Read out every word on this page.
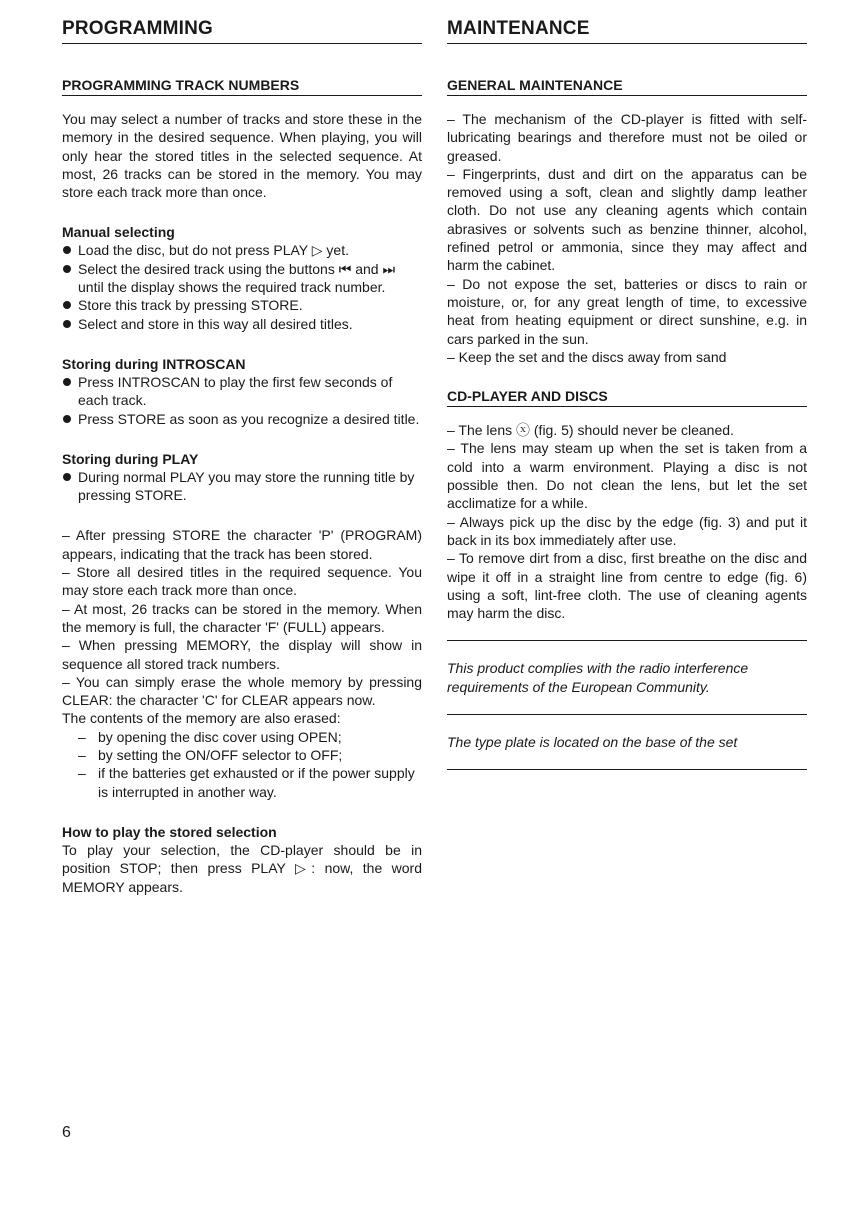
PROGRAMMING
PROGRAMMING TRACK NUMBERS

You may select a number of tracks and store these in the memory in the desired sequence. When playing, you will only hear the stored titles in the selected sequence. At most, 26 tracks can be stored in the memory. You may store each track more than once.

Manual selecting
Load the disc, but do not press PLAY ▷ yet.
Select the desired track using the buttons ⏮ and ⏭ until the display shows the required track number.
Store this track by pressing STORE.
Select and store in this way all desired titles.
Storing during INTROSCAN
Press INTROSCAN to play the first few seconds of each track.
Press STORE as soon as you recognize a desired title.
Storing during PLAY
During normal PLAY you may store the running title by pressing STORE.

– After pressing STORE the character 'P' (PROGRAM) appears, indicating that the track has been stored.

– Store all desired titles in the required sequence. You may store each track more than once.

– At most, 26 tracks can be stored in the memory. When the memory is full, the character 'F' (FULL) appears.

– When pressing MEMORY, the display will show in sequence all stored track numbers.

– You can simply erase the whole memory by pressing CLEAR: the character 'C' for CLEAR appears now.

The contents of the memory are also erased:

– by opening the disc cover using OPEN;
– by setting the ON/OFF selector to OFF;
– if the batteries get exhausted or if the power supply is interrupted in another way.
How to play the stored selection

To play your selection, the CD-player should be in position STOP; then press PLAY ▷: now, the word MEMORY appears.

MAINTENANCE
GENERAL MAINTENANCE

– The mechanism of the CD-player is fitted with self-lubricating bearings and therefore must not be oiled or greased.

– Fingerprints, dust and dirt on the apparatus can be removed using a soft, clean and slightly damp leather cloth. Do not use any cleaning agents which contain abrasives or solvents such as benzine thinner, alcohol, refined petrol or ammonia, since they may affect and harm the cabinet.

– Do not expose the set, batteries or discs to rain or moisture, or, for any great length of time, to excessive heat from heating equipment or direct sunshine, e.g. in cars parked in the sun.

– Keep the set and the discs away from sand

CD-PLAYER AND DISCS

– The lens ⓧ (fig. 5) should never be cleaned.

– The lens may steam up when the set is taken from a cold into a warm environment. Playing a disc is not possible then. Do not clean the lens, but let the set acclimatize for a while.

– Always pick up the disc by the edge (fig. 3) and put it back in its box immediately after use.

– To remove dirt from a disc, first breathe on the disc and wipe it off in a straight line from centre to edge (fig. 6) using a soft, lint-free cloth. The use of cleaning agents may harm the disc.

This product complies with the radio interference requirements of the European Community.

The type plate is located on the base of the set

6
